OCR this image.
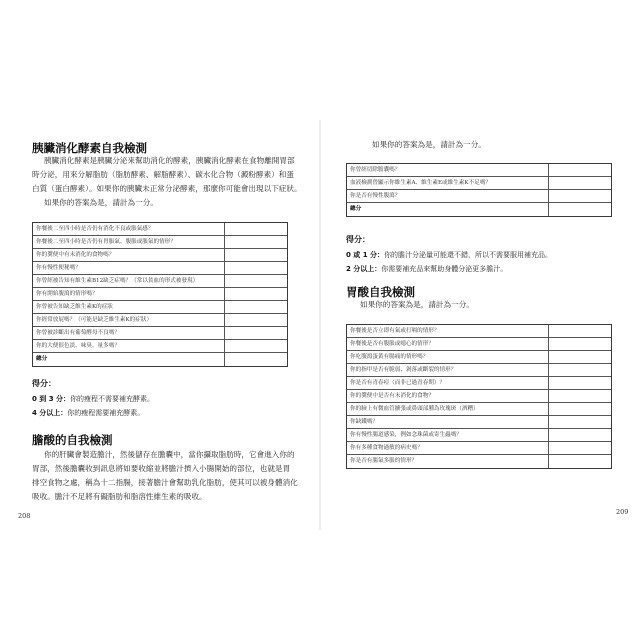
胰臟消化酵素自我檢測
胰臟消化酵素是胰臟分泌來幫助消化的酵素，胰臟消化酵素在食物離開胃部
時分泌，用來分解脂肪（脂肪酵素、解脂酵素）、碳水化合物（澱粉酵素）和蛋
白質（蛋白酵素）。如果你的胰臟未正常分泌酵素，那麼你可能會出現以下症狀。
如果你的答案為是，請計為一分。
你餐後二至四小時是否仍有消化不良或脹氣感？
你餐後二至四小時是否仍有胃脹氣、腹脹或脹氣的情形？
你的糞便中有未消化的食物嗎？
你有慢性便秘嗎？
你曾經被告知有維生素B12缺乏症嗎？（常以貧血的形式被發現）
你有開始腹瀉的情形嗎？
你曾被告知缺乏維生素K的症狀
你經常放屁嗎？（可能是缺乏維生素K的症狀）
你曾被診斷出有葡萄酵母不良嗎？
你的大便很色淡、味臭、量多嗎？
總分
得分：
0 到 3 分：你的瘦程不需要補充酵素。
4 分以上：你的瘦程需要補充酵素。
膽酸的自我檢測
你的肝臟會製造膽汁，然後儲存在膽囊中，當你攝取脂肪時，它會進入你的
胃部，然後膽囊收到訊息將如要收縮並將膽汁擠入小腸開始的部位，也就是胃
排空食物之處，稱為十二指腸，接著膽汁會幫助乳化脂肪，使其可以被身體消化
吸收。膽汁不足將有礙脂肪和脂溶性維生素的吸收。
208
如果你的答案為是，請計為一分。
你曾經切除膽囊嗎？
血液檢測曾顯示你維生素A、維生素E或維生素K不足嗎？
你是否有慢性腹瀉？
總分
得分：
0 或 1 分：你的膽汁分泌量可能還不錯，所以不需要服用補充品。
2 分以上：你需要補充品來幫助身體分泌更多膽汁。
胃酸自我檢測
如果你的答案為是，請計為一分。
你餐後是否立即有氣或打嗝的情形？
你餐後是否有腹脹或噁心的情形？
你吃腹瀉蛋黃有腸痛的情形嗎？
你的指甲是否有脆弱、剝落或斷裂的情形？
你是否有青春痘（而非已過青春期）？
你的糞便中是否有未消化的食物？
你的臉上有微血管擴張或鼻頭部腫為玫瑰斑（酒糟）
你缺鐵嗎？
你有慢性腸道感染，例如念珠菌或寄生蟲嗎？
你有多種食物過敏的病史嗎？
你是否有腸氣多脹的情形？
209
